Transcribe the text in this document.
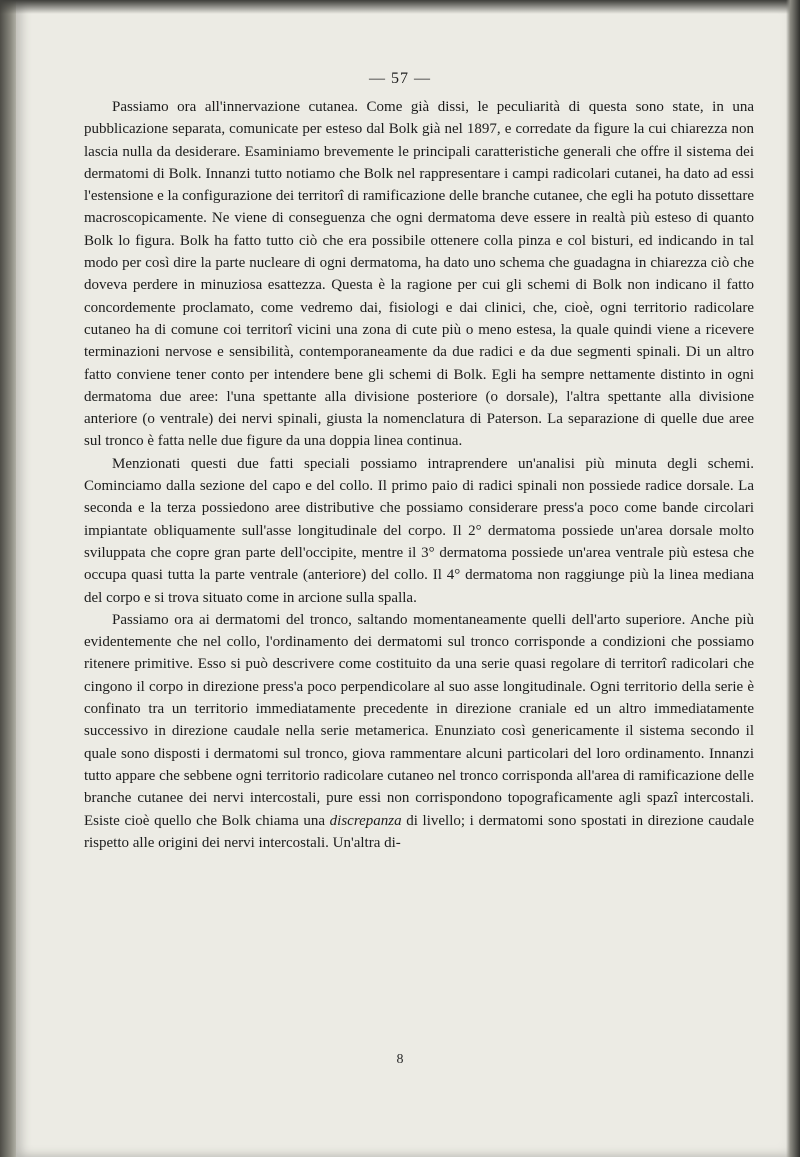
— 57 —

Passiamo ora all'innervazione cutanea. Come già dissi, le peculiarità di questa sono state, in una pubblicazione separata, comunicate per esteso dal Bolk già nel 1897, e corredate da figure la cui chiarezza non lascia nulla da desiderare. Esaminiamo brevemente le principali caratteristiche generali che offre il sistema dei dermatomi di Bolk. Innanzi tutto notiamo che Bolk nel rappresentare i campi radicolari cutanei, ha dato ad essi l'estensione e la configurazione dei territorî di ramificazione delle branche cutanee, che egli ha potuto dissettare macroscopicamente. Ne viene di conseguenza che ogni dermatoma deve essere in realtà più esteso di quanto Bolk lo figura. Bolk ha fatto tutto ciò che era possibile ottenere colla pinza e col bisturi, ed indicando in tal modo per così dire la parte nucleare di ogni dermatoma, ha dato uno schema che guadagna in chiarezza ciò che doveva perdere in minuziosa esattezza. Questa è la ragione per cui gli schemi di Bolk non indicano il fatto concordemente proclamato, come vedremo dai, fisiologi e dai clinici, che, cioè, ogni territorio radicolare cutaneo ha di comune coi territorî vicini una zona di cute più o meno estesa, la quale quindi viene a ricevere terminazioni nervose e sensibilità, contemporaneamente da due radici e da due segmenti spinali. Di un altro fatto conviene tener conto per intendere bene gli schemi di Bolk. Egli ha sempre nettamente distinto in ogni dermatoma due aree: l'una spettante alla divisione posteriore (o dorsale), l'altra spettante alla divisione anteriore (o ventrale) dei nervi spinali, giusta la nomenclatura di Paterson. La separazione di quelle due aree sul tronco è fatta nelle due figure da una doppia linea continua.

Menzionati questi due fatti speciali possiamo intraprendere un'analisi più minuta degli schemi. Cominciamo dalla sezione del capo e del collo. Il primo paio di radici spinali non possiede radice dorsale. La seconda e la terza possiedono aree distributive che possiamo considerare press'a poco come bande circolari impiantate obliquamente sull'asse longitudinale del corpo. Il 2° dermatoma possiede un'area dorsale molto sviluppata che copre gran parte dell'occipite, mentre il 3° dermatoma possiede un'area ventrale più estesa che occupa quasi tutta la parte ventrale (anteriore) del collo. Il 4° dermatoma non raggiunge più la linea mediana del corpo e si trova situato come in arcione sulla spalla.

Passiamo ora ai dermatomi del tronco, saltando momentaneamente quelli dell'arto superiore. Anche più evidentemente che nel collo, l'ordinamento dei dermatomi sul tronco corrisponde a condizioni che possiamo ritenere primitive. Esso si può descrivere come costituito da una serie quasi regolare di territorî radicolari che cingono il corpo in direzione press'a poco perpendicolare al suo asse longitudinale. Ogni territorio della serie è confinato tra un territorio immediatamente precedente in direzione craniale ed un altro immediatamente successivo in direzione caudale nella serie metamerica. Enunziato così genericamente il sistema secondo il quale sono disposti i dermatomi sul tronco, giova rammentare alcuni particolari del loro ordinamento. Innanzi tutto appare che sebbene ogni territorio radicolare cutaneo nel tronco corrisponda all'area di ramificazione delle branche cutanee dei nervi intercostali, pure essi non corrispondono topograficamente agli spazî intercostali. Esiste cioè quello che Bolk chiama una discrepanza di livello; i dermatomi sono spostati in direzione caudale rispetto alle origini dei nervi intercostali. Un'altra di-

8
